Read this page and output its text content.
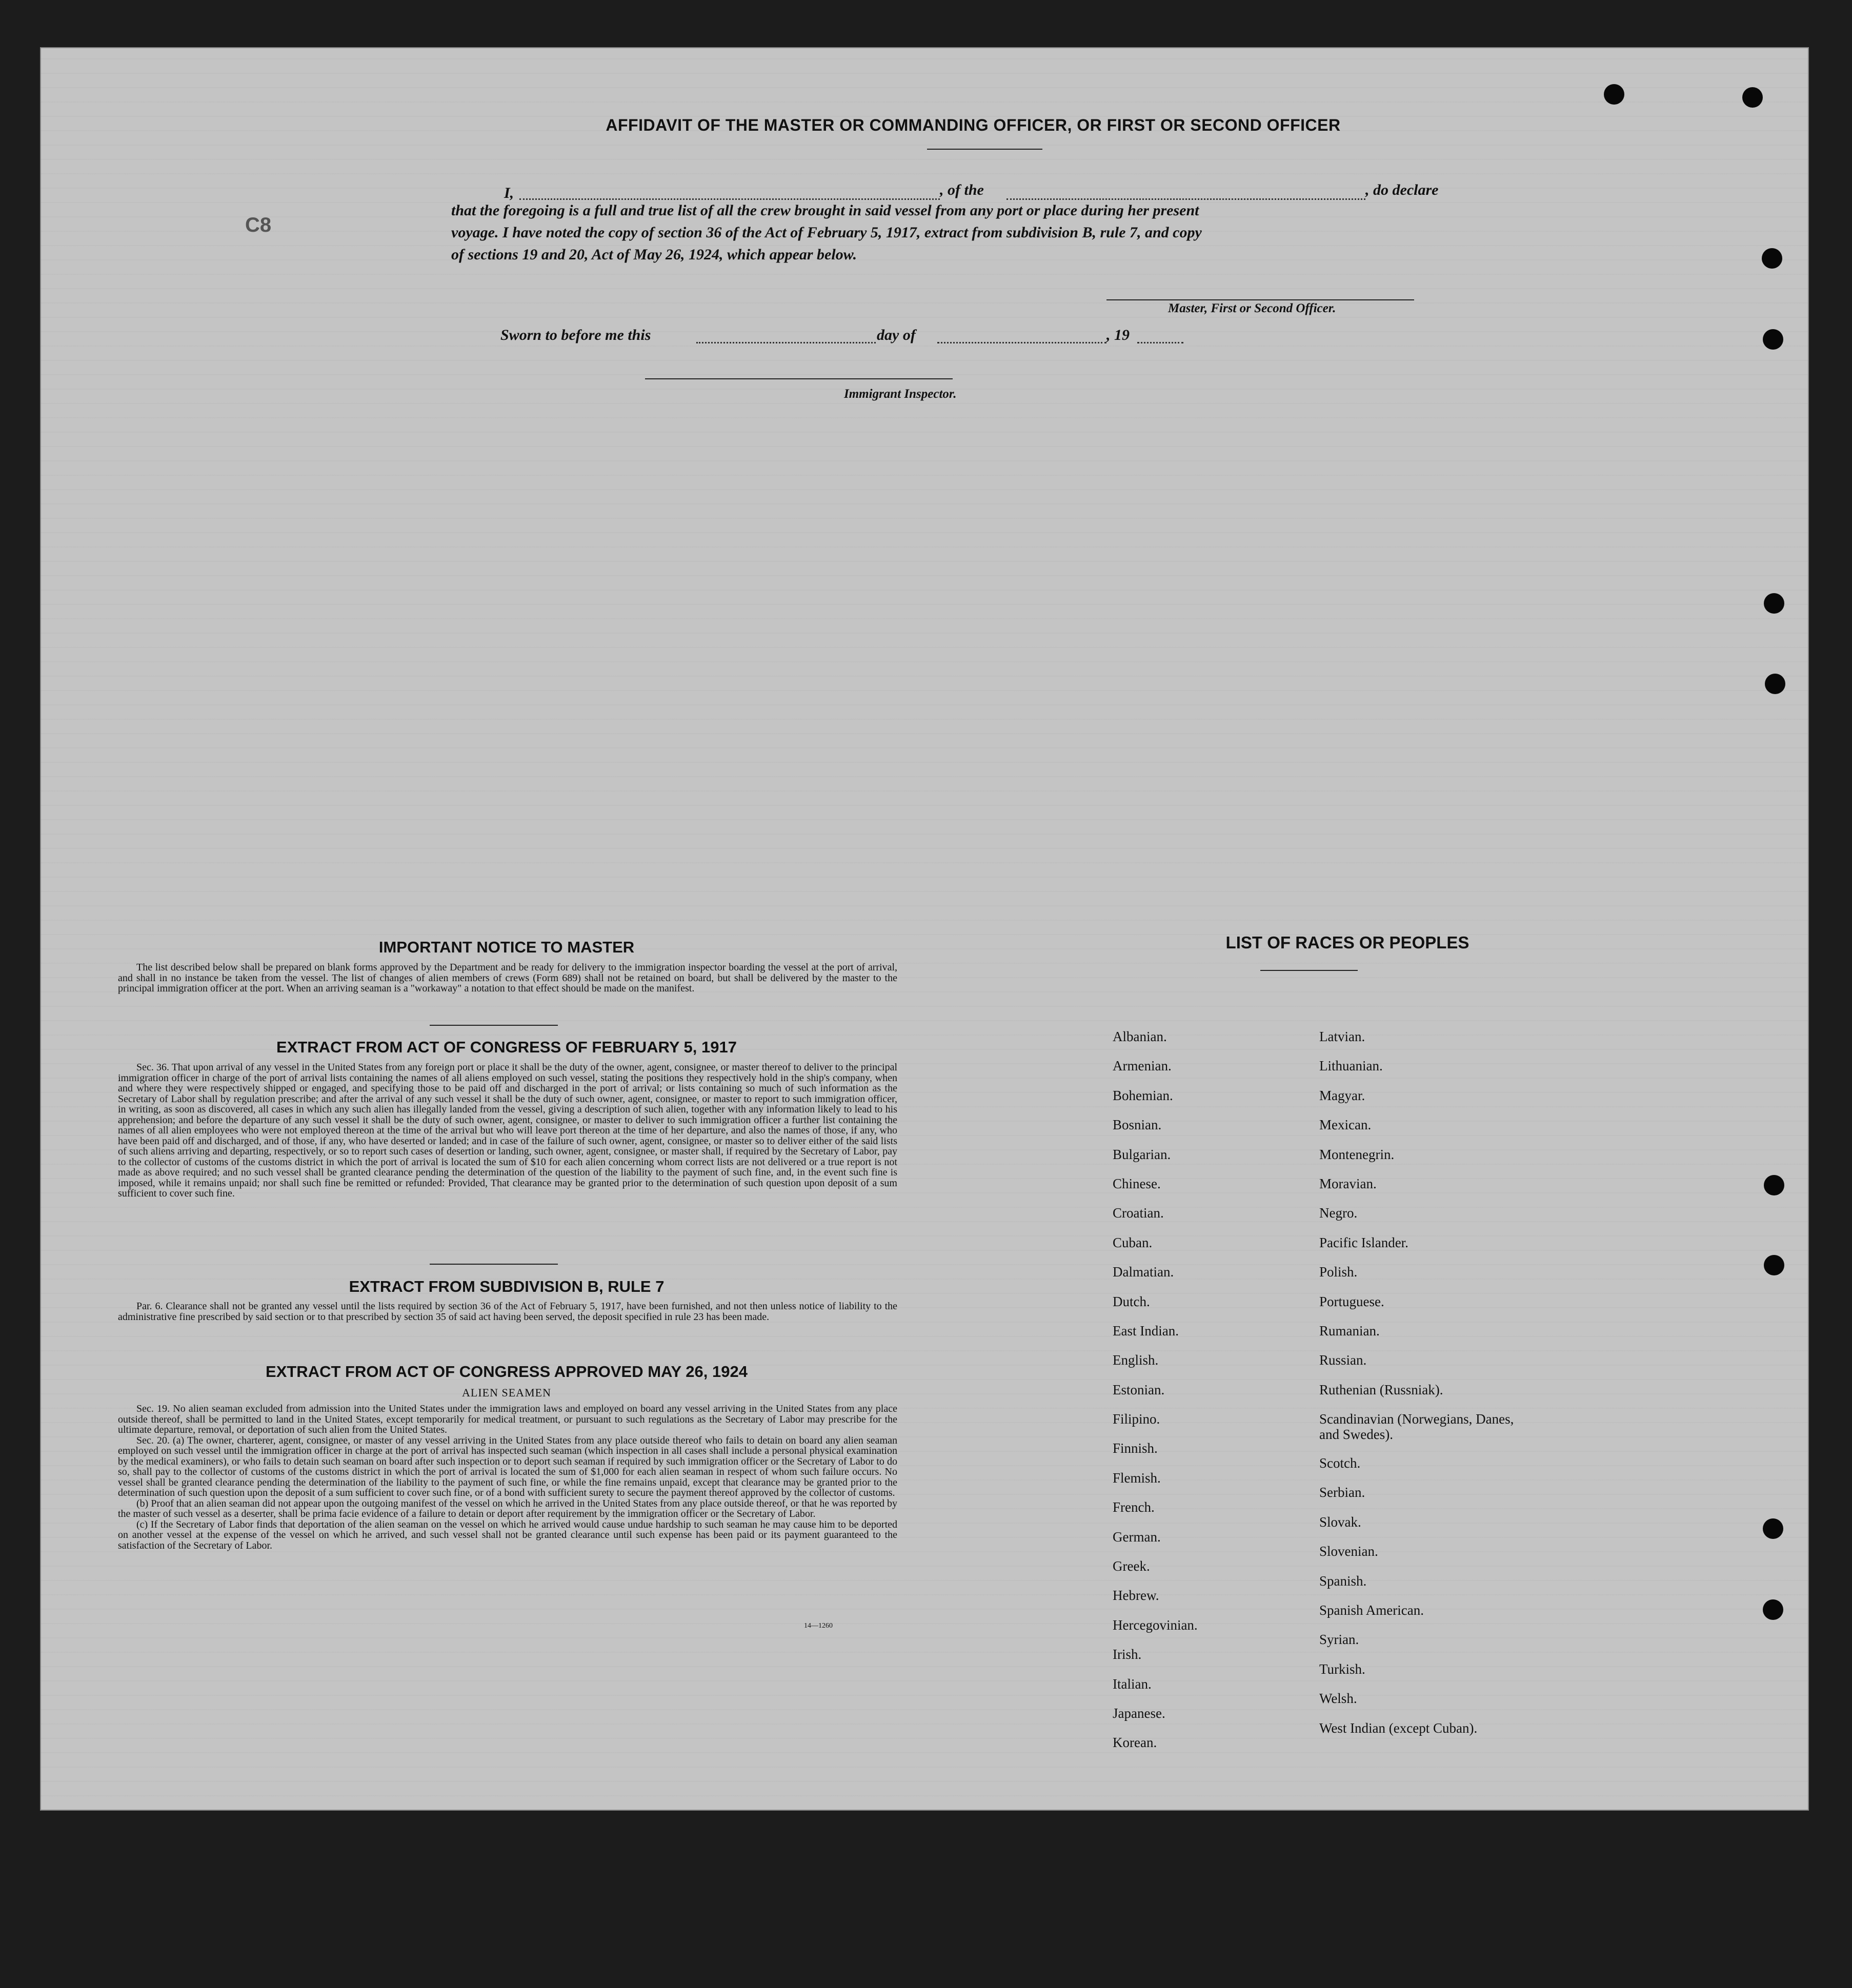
C8
AFFIDAVIT OF THE MASTER OR COMMANDING OFFICER, OR FIRST OR SECOND OFFICER
I,	, of the	, do declare
that the foregoing is a full and true list of all the crew brought in said vessel from any port or place during her present
voyage. I have noted the copy of section 36 of the Act of February 5, 1917, extract from subdivision B, rule 7, and copy
of sections 19 and 20, Act of May 26, 1924, which appear below.
Master, First or Second Officer.
Sworn to before me this	day of	, 19
Immigrant Inspector.
IMPORTANT NOTICE TO MASTER

The list described below shall be prepared on blank forms approved by the Department and be ready for delivery to the immigration inspector boarding the vessel at the port of arrival, and shall in no instance be taken from the vessel. The list of changes of alien members of crews (Form 689) shall not be retained on board, but shall be delivered by the master to the principal immigration officer at the port. When an arriving seaman is a "workaway" a notation to that effect should be made on the manifest.

EXTRACT FROM ACT OF CONGRESS OF FEBRUARY 5, 1917

Sec. 36. That upon arrival of any vessel in the United States from any foreign port or place it shall be the duty of the owner, agent, consignee, or master thereof to deliver to the principal immigration officer in charge of the port of arrival lists containing the names of all aliens employed on such vessel, stating the positions they respectively hold in the ship's company, when and where they were respectively shipped or engaged, and specifying those to be paid off and discharged in the port of arrival; or lists containing so much of such information as the Secretary of Labor shall by regulation prescribe; and after the arrival of any such vessel it shall be the duty of such owner, agent, consignee, or master to report to such immigration officer, in writing, as soon as discovered, all cases in which any such alien has illegally landed from the vessel, giving a description of such alien, together with any information likely to lead to his apprehension; and before the departure of any such vessel it shall be the duty of such owner, agent, consignee, or master to deliver to such immigration officer a further list containing the names of all alien employees who were not employed thereon at the time of the arrival but who will leave port thereon at the time of her departure, and also the names of those, if any, who have been paid off and discharged, and of those, if any, who have deserted or landed; and in case of the failure of such owner, agent, consignee, or master so to deliver either of the said lists of such aliens arriving and departing, respectively, or so to report such cases of desertion or landing, such owner, agent, consignee, or master shall, if required by the Secretary of Labor, pay to the collector of customs of the customs district in which the port of arrival is located the sum of $10 for each alien concerning whom correct lists are not delivered or a true report is not made as above required; and no such vessel shall be granted clearance pending the determination of the question of the liability to the payment of such fine, and, in the event such fine is imposed, while it remains unpaid; nor shall such fine be remitted or refunded: Provided, That clearance may be granted prior to the determination of such question upon deposit of a sum sufficient to cover such fine.

EXTRACT FROM SUBDIVISION B, RULE 7

Par. 6. Clearance shall not be granted any vessel until the lists required by section 36 of the Act of February 5, 1917, have been furnished, and not then unless notice of liability to the administrative fine prescribed by said section or to that prescribed by section 35 of said act having been served, the deposit specified in rule 23 has been made.

EXTRACT FROM ACT OF CONGRESS APPROVED MAY 26, 1924
ALIEN SEAMEN

Sec. 19. No alien seaman excluded from admission into the United States under the immigration laws and employed on board any vessel arriving in the United States from any place outside thereof, shall be permitted to land in the United States, except temporarily for medical treatment, or pursuant to such regulations as the Secretary of Labor may prescribe for the ultimate departure, removal, or deportation of such alien from the United States.

Sec. 20. (a) The owner, charterer, agent, consignee, or master of any vessel arriving in the United States from any place outside thereof who fails to detain on board any alien seaman employed on such vessel until the immigration officer in charge at the port of arrival has inspected such seaman (which inspection in all cases shall include a personal physical examination by the medical examiners), or who fails to detain such seaman on board after such inspection or to deport such seaman if required by such immigration officer or the Secretary of Labor to do so, shall pay to the collector of customs of the customs district in which the port of arrival is located the sum of $1,000 for each alien seaman in respect of whom such failure occurs. No vessel shall be granted clearance pending the determination of the liability to the payment of such fine, or while the fine remains unpaid, except that clearance may be granted prior to the determination of such question upon the deposit of a sum sufficient to cover such fine, or of a bond with sufficient surety to secure the payment thereof approved by the collector of customs.

(b) Proof that an alien seaman did not appear upon the outgoing manifest of the vessel on which he arrived in the United States from any place outside thereof, or that he was reported by the master of such vessel as a deserter, shall be prima facie evidence of a failure to detain or deport after requirement by the immigration officer or the Secretary of Labor.

(c) If the Secretary of Labor finds that deportation of the alien seaman on the vessel on which he arrived would cause undue hardship to such seaman he may cause him to be deported on another vessel at the expense of the vessel on which he arrived, and such vessel shall not be granted clearance until such expense has been paid or its payment guaranteed to the satisfaction of the Secretary of Labor.

14—1260
LIST OF RACES OR PEOPLES
Albanian.
Armenian.
Bohemian.
Bosnian.
Bulgarian.
Chinese.
Croatian.
Cuban.
Dalmatian.
Dutch.
East Indian.
English.
Estonian.
Filipino.
Finnish.
Flemish.
French.
German.
Greek.
Hebrew.
Hercegovinian.
Irish.
Italian.
Japanese.
Korean.
Latvian.
Lithuanian.
Magyar.
Mexican.
Montenegrin.
Moravian.
Negro.
Pacific Islander.
Polish.
Portuguese.
Rumanian.
Russian.
Ruthenian (Russniak).
Scandinavian (Norwegians, Danes, and Swedes).
Scotch.
Serbian.
Slovak.
Slovenian.
Spanish.
Spanish American.
Syrian.
Turkish.
Welsh.
West Indian (except Cuban).
